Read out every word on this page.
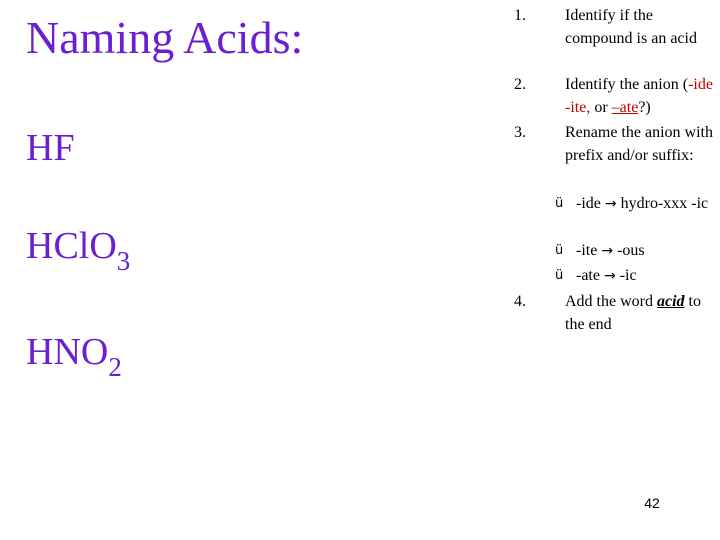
Naming Acids:
HF
HClO$_3$
$HNO_2$
1.	Identify if the compound is an acid
2.	Identify the anion (-ide -ite, or –ate?)
3.	Rename the anion with prefix and/or suffix:
ü -ide → hydro-xxx -ic
ü -ite → -ous
ü -ate → -ic
4.	Add the word acid to the end
42
